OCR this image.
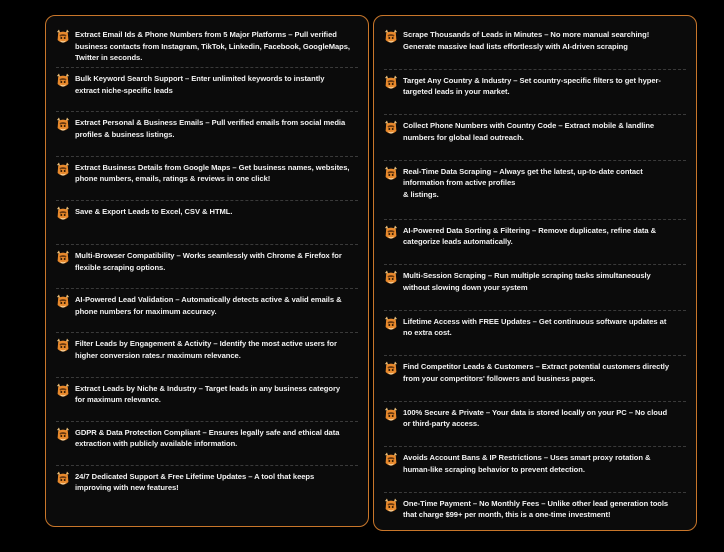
Extract Email Ids & Phone Numbers from 5 Major Platforms – Pull verified
business contacts from Instagram, TikTok, Linkedin, Facebook, GoogleMaps,
Twitter in seconds.
Bulk Keyword Search Support – Enter unlimited keywords to instantly
extract niche-specific leads
Extract Personal & Business Emails – Pull verified emails from social media
profiles & business listings.
Extract Business Details from Google Maps – Get business names, websites,
phone numbers, emails, ratings & reviews in one click!
Save & Export Leads to Excel, CSV & HTML.
Multi-Browser Compatibility – Works seamlessly with Chrome & Firefox for
flexible scraping options.
AI-Powered Lead Validation – Automatically detects active & valid emails &
phone numbers for maximum accuracy.
Filter Leads by Engagement & Activity – Identify the most active users for
higher conversion rates.r maximum relevance.
Extract Leads by Niche & Industry – Target leads in any business category
for maximum relevance.
GDPR & Data Protection Compliant – Ensures legally safe and ethical data
extraction with publicly available information.
24/7 Dedicated Support & Free Lifetime Updates – A tool that keeps
improving with new features!
Scrape Thousands of Leads in Minutes – No more manual searching!
Generate massive lead lists effortlessly with AI-driven scraping
Target Any Country & Industry – Set country-specific filters to get hyper-
targeted leads in your market.
Collect Phone Numbers with Country Code – Extract mobile & landline
numbers for global lead outreach.
Real-Time Data Scraping – Always get the latest, up-to-date contact
information from active profiles
& listings.
AI-Powered Data Sorting & Filtering – Remove duplicates, refine data &
categorize leads automatically.
Multi-Session Scraping – Run multiple scraping tasks simultaneously
without slowing down your system
Lifetime Access with FREE Updates – Get continuous software updates at
no extra cost.
Find Competitor Leads & Customers – Extract potential customers directly
from your competitors' followers and business pages.
100% Secure & Private – Your data is stored locally on your PC – No cloud
or third-party access.
Avoids Account Bans & IP Restrictions – Uses smart proxy rotation &
human-like scraping behavior to prevent detection.
One-Time Payment – No Monthly Fees – Unlike other lead generation tools
that charge $99+ per month, this is a one-time investment!
